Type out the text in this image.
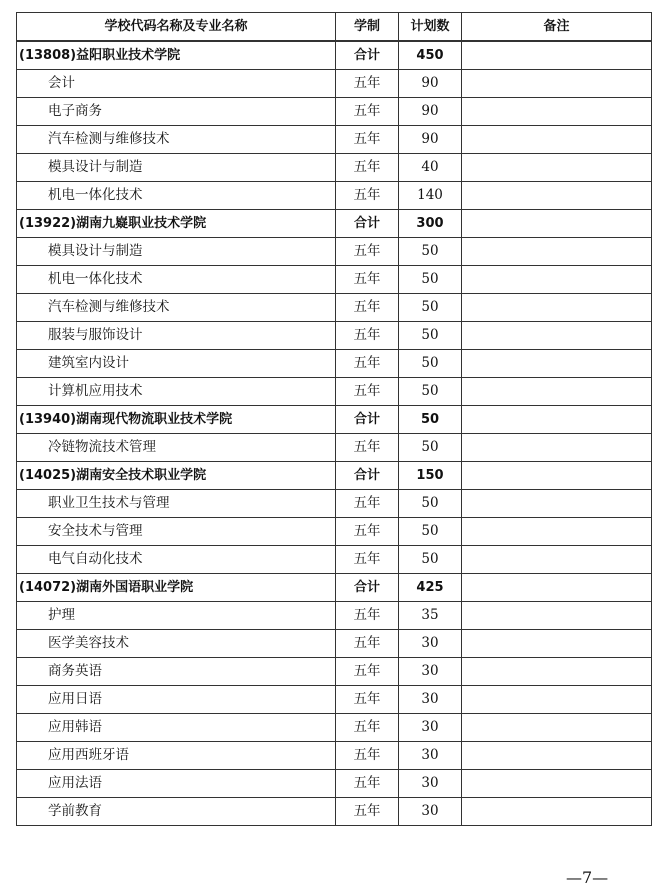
学校代码名称及专业名称	学制	计划数	备注
(13808)益阳职业技术学院	合计	450	
会计	五年	90	
电子商务	五年	90	
汽车检测与维修技术	五年	90	
模具设计与制造	五年	40	
机电一体化技术	五年	140	
(13922)湖南九嶷职业技术学院	合计	300	
模具设计与制造	五年	50	
机电一体化技术	五年	50	
汽车检测与维修技术	五年	50	
服装与服饰设计	五年	50	
建筑室内设计	五年	50	
计算机应用技术	五年	50	
(13940)湖南现代物流职业技术学院	合计	50	
冷链物流技术管理	五年	50	
(14025)湖南安全技术职业学院	合计	150	
职业卫生技术与管理	五年	50	
安全技术与管理	五年	50	
电气自动化技术	五年	50	
(14072)湖南外国语职业学院	合计	425	
护理	五年	35	
医学美容技术	五年	30	
商务英语	五年	30	
应用日语	五年	30	
应用韩语	五年	30	
应用西班牙语	五年	30	
应用法语	五年	30	
学前教育	五年	30	
—7—
